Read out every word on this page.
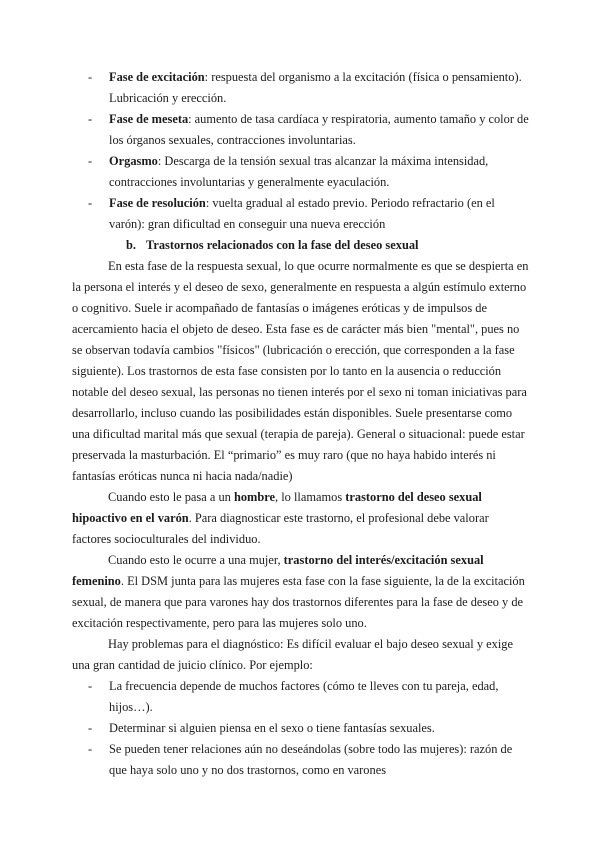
- Fase de excitación: respuesta del organismo a la excitación (física o pensamiento). Lubricación y erección.
- Fase de meseta: aumento de tasa cardíaca y respiratoria, aumento tamaño y color de los órganos sexuales, contracciones involuntarias.
- Orgasmo: Descarga de la tensión sexual tras alcanzar la máxima intensidad, contracciones involuntarias y generalmente eyaculación.
- Fase de resolución: vuelta gradual al estado previo. Periodo refractario (en el varón): gran dificultad en conseguir una nueva erección

b. Trastornos relacionados con la fase del deseo sexual

En esta fase de la respuesta sexual, lo que ocurre normalmente es que se despierta en la persona el interés y el deseo de sexo, generalmente en respuesta a algún estímulo externo o cognitivo. Suele ir acompañado de fantasías o imágenes eróticas y de impulsos de acercamiento hacia el objeto de deseo. Esta fase es de carácter más bien "mental", pues no se observan todavía cambios "físicos" (lubricación o erección, que corresponden a la fase siguiente). Los trastornos de esta fase consisten por lo tanto en la ausencia o reducción notable del deseo sexual, las personas no tienen interés por el sexo ni toman iniciativas para desarrollarlo, incluso cuando las posibilidades están disponibles. Suele presentarse como una dificultad marital más que sexual (terapia de pareja). General o situacional: puede estar preservada la masturbación. El “primario” es muy raro (que no haya habido interés ni fantasías eróticas nunca ni hacia nada/nadie)

Cuando esto le pasa a un hombre, lo llamamos trastorno del deseo sexual hipoactivo en el varón. Para diagnosticar este trastorno, el profesional debe valorar factores socioculturales del individuo.

Cuando esto le ocurre a una mujer, trastorno del interés/excitación sexual femenino. El DSM junta para las mujeres esta fase con la fase siguiente, la de la excitación sexual, de manera que para varones hay dos trastornos diferentes para la fase de deseo y de excitación respectivamente, pero para las mujeres solo uno.

Hay problemas para el diagnóstico: Es difícil evaluar el bajo deseo sexual y exige una gran cantidad de juicio clínico. Por ejemplo:

- La frecuencia depende de muchos factores (cómo te lleves con tu pareja, edad, hijos…).
- Determinar si alguien piensa en el sexo o tiene fantasías sexuales.
- Se pueden tener relaciones aún no deseándolas (sobre todo las mujeres): razón de que haya solo uno y no dos trastornos, como en varones
